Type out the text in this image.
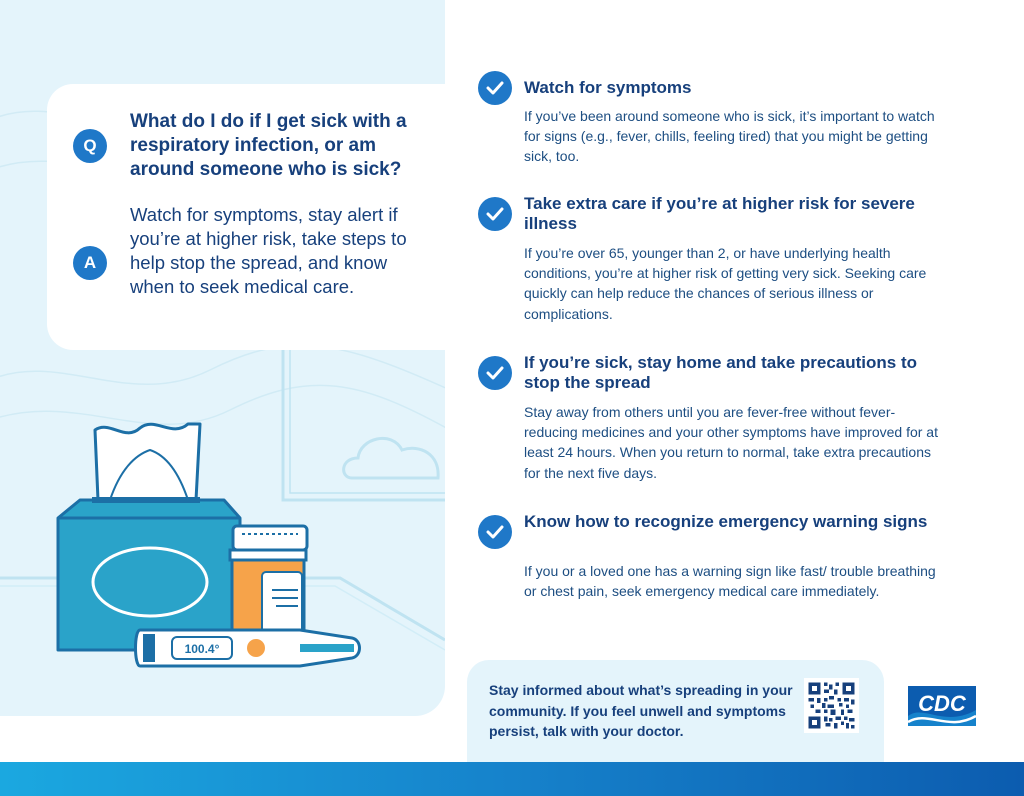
Q
What do I do if I get sick with a respiratory infection, or am around someone who is sick?
A
Watch for symptoms, stay alert if you’re at higher risk, take steps to help stop the spread, and know when to seek medical care.
100.4°
Watch for symptoms

If you’ve been around someone who is sick, it’s important to watch for signs (e.g., fever, chills, feeling tired) that you might be getting sick, too.

Take extra care if you’re at higher risk for severe illness

If you’re over 65, younger than 2, or have underlying health conditions, you’re at higher risk of getting very sick. Seeking care quickly can help reduce the chances of serious illness or complications.

If you’re sick, stay home and take precautions to stop the spread

Stay away from others until you are fever-free without fever-reducing medicines and your other symptoms have improved for at least 24 hours. When you return to normal, take extra precautions for the next five days.

Know how to recognize emergency warning signs

If you or a loved one has a warning sign like fast/ trouble breathing or chest pain, seek emergency medical care immediately.

Stay informed about what’s spreading in your community. If you feel unwell and symptoms persist, talk with your doctor.
CDC
